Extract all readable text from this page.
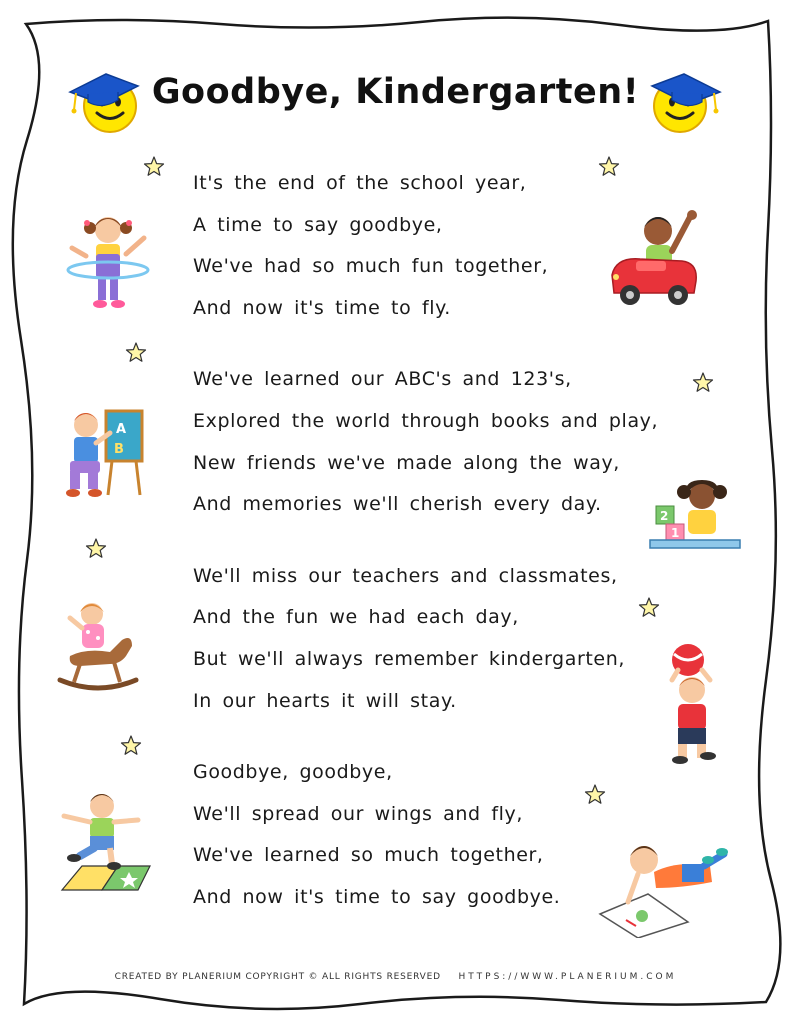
Goodbye, Kindergarten!
A
B
2
1
It's the end of the school year,
A time to say goodbye,
We've had so much fun together,
And now it's time to fly.
We've learned our ABC's and 123's,
Explored the world through books and play,
New friends we've made along the way,
And memories we'll cherish every day.
We'll miss our teachers and classmates,
And the fun we had each day,
But we'll always remember kindergarten,
In our hearts it will stay.
Goodbye, goodbye,
We'll spread our wings and fly,
We've learned so much together,
And now it's time to say goodbye.
CREATED BY PLANERIUM COPYRIGHT © ALL RIGHTS RESERVED HTTPS://WWW.PLANERIUM.COM
